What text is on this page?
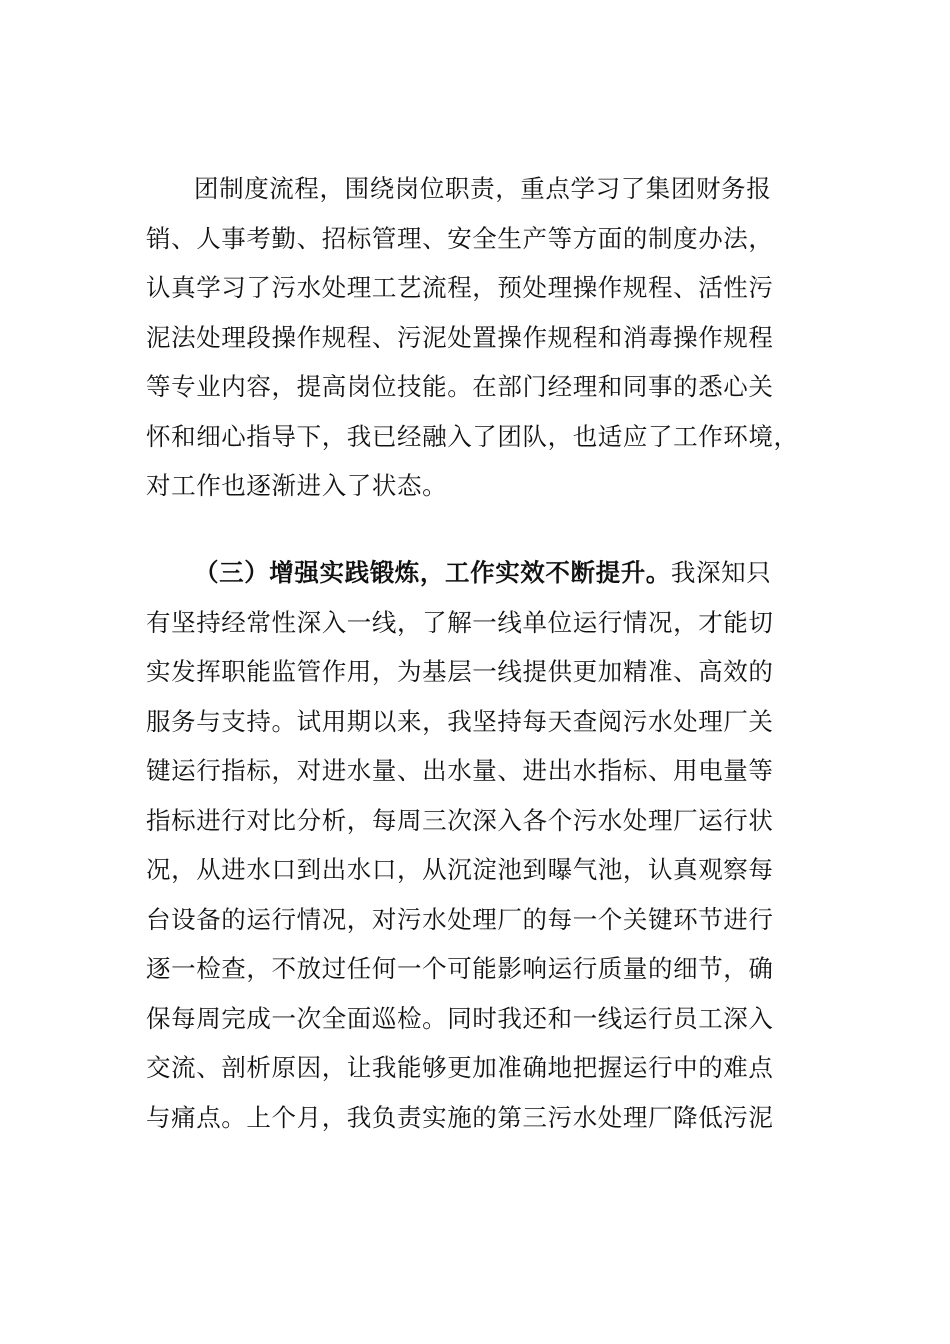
团制度流程，围绕岗位职责，重点学习了集团财务报
销、人事考勤、招标管理、安全生产等方面的制度办法，
认真学习了污水处理工艺流程，预处理操作规程、活性污
泥法处理段操作规程、污泥处置操作规程和消毒操作规程
等专业内容，提高岗位技能。在部门经理和同事的悉心关
怀和细心指导下，我已经融入了团队，也适应了工作环境，
对工作也逐渐进入了状态。

（三）增强实践锻炼，工作实效不断提升。我深知只
有坚持经常性深入一线，了解一线单位运行情况，才能切
实发挥职能监管作用，为基层一线提供更加精准、高效的
服务与支持。试用期以来，我坚持每天查阅污水处理厂关
键运行指标，对进水量、出水量、进出水指标、用电量等
指标进行对比分析，每周三次深入各个污水处理厂运行状
况，从进水口到出水口，从沉淀池到曝气池，认真观察每
台设备的运行情况，对污水处理厂的每一个关键环节进行
逐一检查，不放过任何一个可能影响运行质量的细节，确
保每周完成一次全面巡检。同时我还和一线运行员工深入
交流、剖析原因，让我能够更加准确地把握运行中的难点
与痛点。上个月，我负责实施的第三污水处理厂降低污泥
